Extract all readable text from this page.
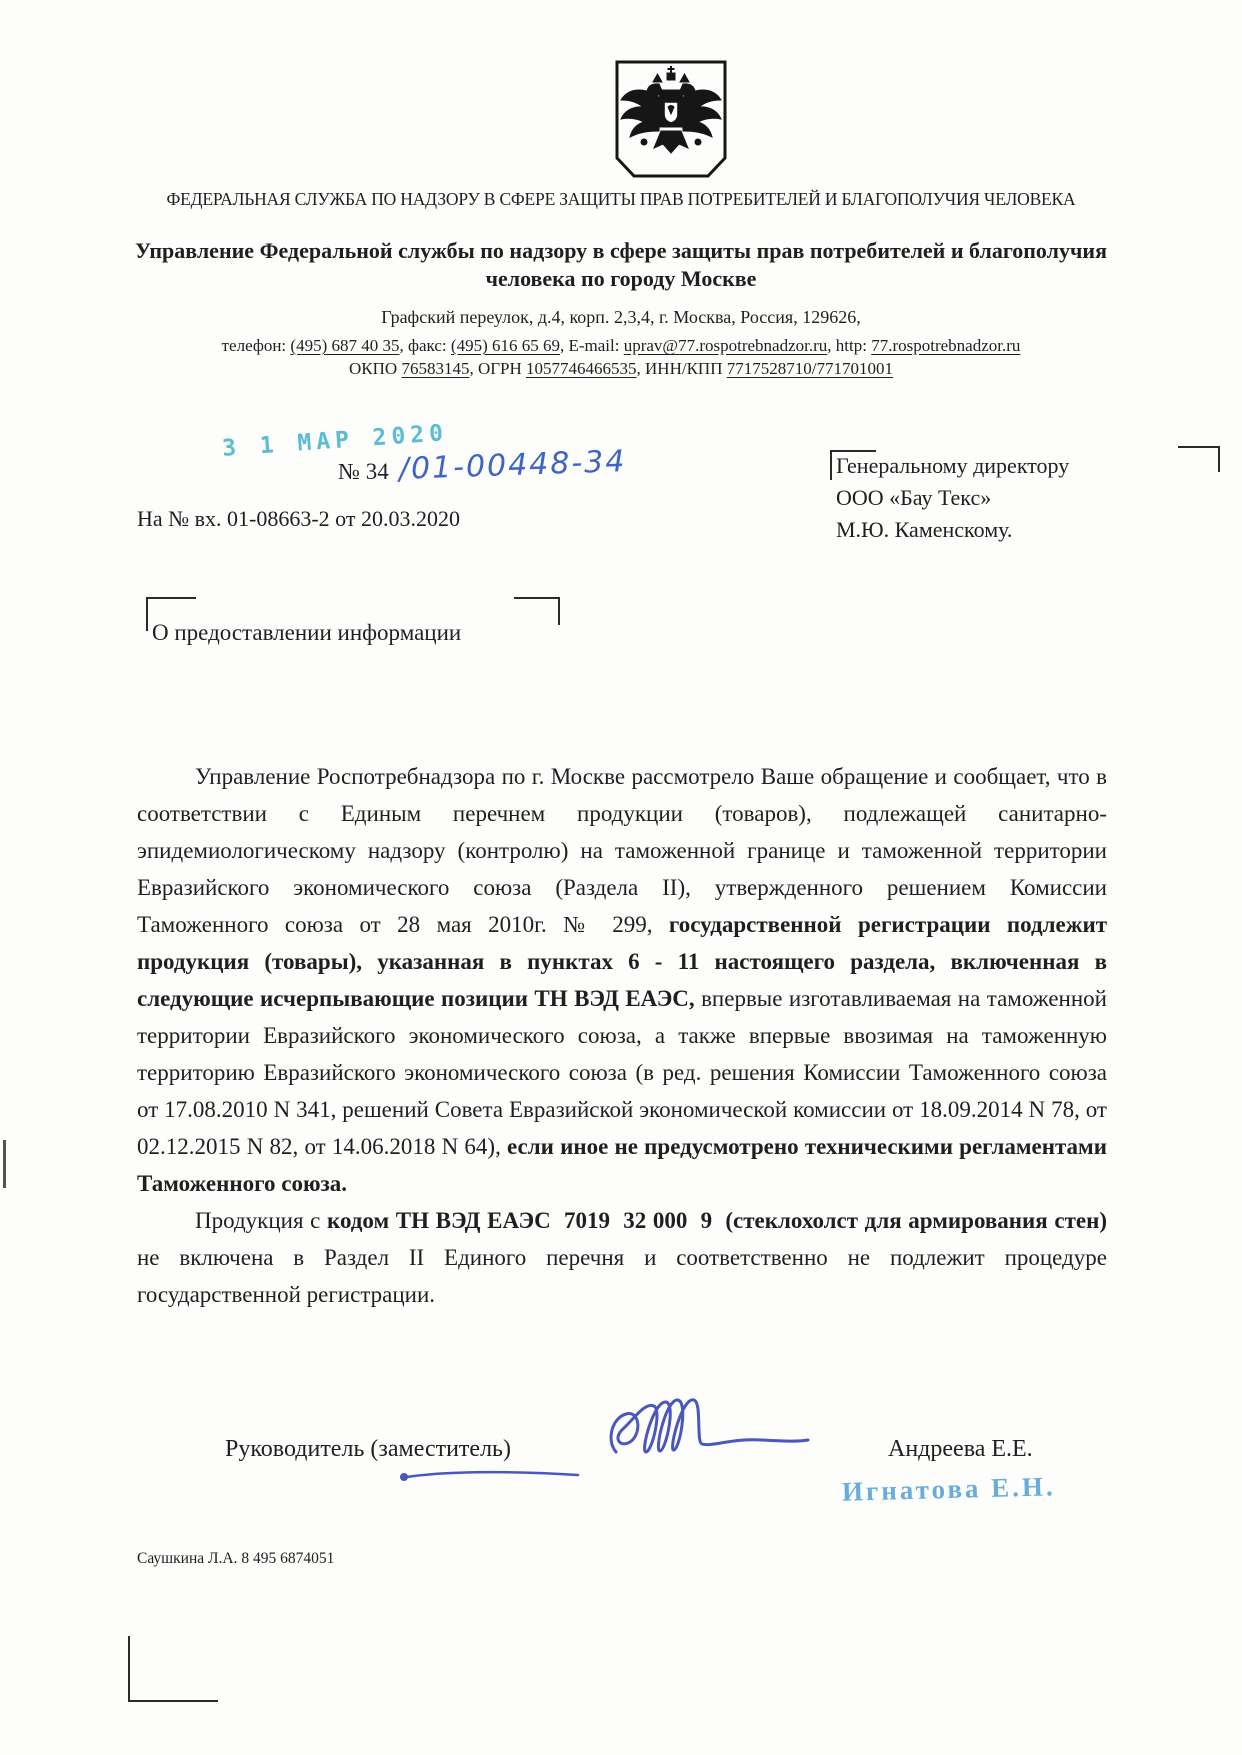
ФЕДЕРАЛЬНАЯ СЛУЖБА ПО НАДЗОРУ В СФЕРЕ ЗАЩИТЫ ПРАВ ПОТРЕБИТЕЛЕЙ И БЛАГОПОЛУЧИЯ ЧЕЛОВЕКА
Управление Федеральной службы по надзору в сфере защиты прав потребителей и благополучия человека по городу Москве
Графский переулок, д.4, корп. 2,3,4, г. Москва, Россия, 129626,
телефон: (495) 687 40 35, факс: (495) 616 65 69, E-mail: uprav@77.rospotrebnadzor.ru, http: 77.rospotrebnadzor.ru
ОКПО 76583145, ОГРН 1057746466535, ИНН/КПП 7717528710/771701001
3 1 МАР 2020
№ 34 /01-00448-34
На № вх. 01-08663-2 от 20.03.2020
Генеральному директору
ООО «Бау Текс»
М.Ю. Каменскому.
О предоставлении информации

Управление Роспотребнадзора по г. Москве рассмотрело Ваше обращение и сообщает, что в соответствии с Единым перечнем продукции (товаров), подлежащей санитарно-эпидемиологическому надзору (контролю) на таможенной границе и таможенной территории Евразийского экономического союза (Раздела II), утвержденного решением Комиссии Таможенного союза от 28 мая 2010г. № 299, государственной регистрации подлежит продукция (товары), указанная в пунктах 6 - 11 настоящего раздела, включенная в следующие исчерпывающие позиции ТН ВЭД ЕАЭС, впервые изготавливаемая на таможенной территории Евразийского экономического союза, а также впервые ввозимая на таможенную территорию Евразийского экономического союза (в ред. решения Комиссии Таможенного союза от 17.08.2010 N 341, решений Совета Евразийской экономической комиссии от 18.09.2014 N 78, от 02.12.2015 N 82, от 14.06.2018 N 64), если иное не предусмотрено техническими регламентами Таможенного союза.

Продукция с кодом ТН ВЭД ЕАЭС  7019  32 000  9  (стеклохолст для армирования стен) не включена в Раздел II Единого перечня и соответственно не подлежит процедуре государственной регистрации.

Руководитель (заместитель)	Андреева Е.Е.
Игнатова Е.Н.
Саушкина Л.А. 8 495 6874051
